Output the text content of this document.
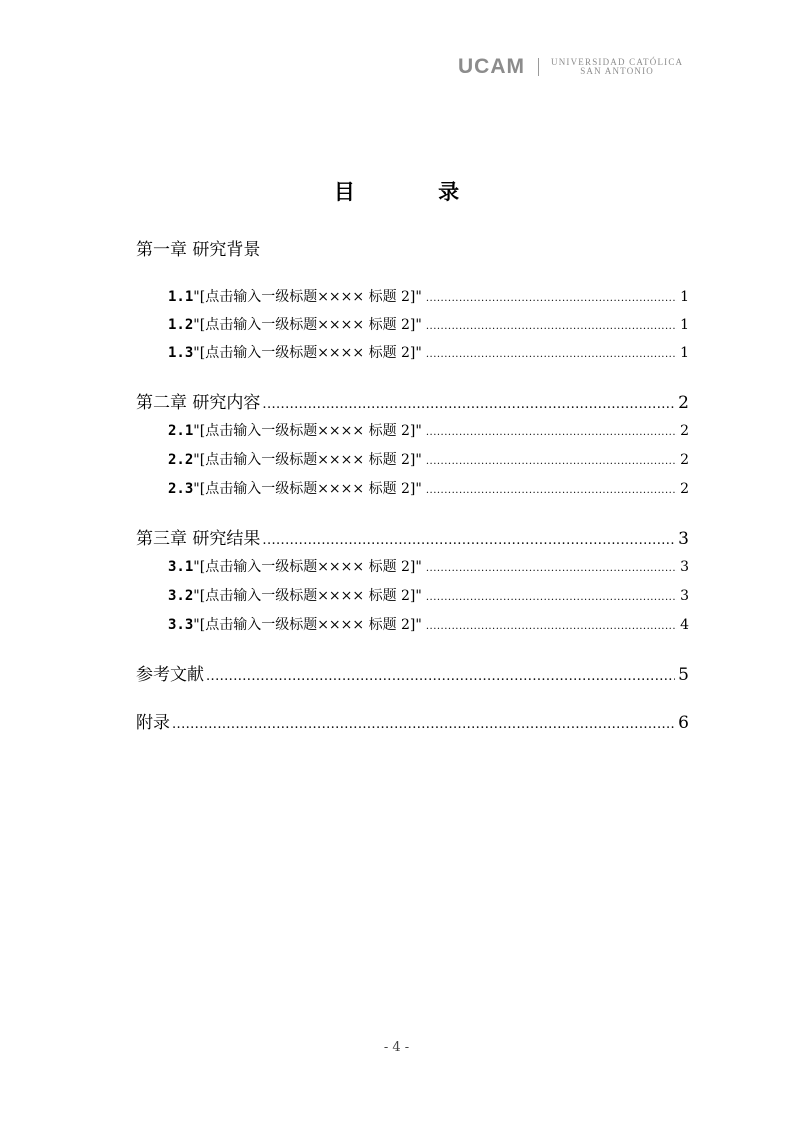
UCAM	UNIVERSIDAD CATÓLICA
SAN ANTONIO
目 录
第一章 研究背景
1.1 "[点击输入一级标题×××× 标题 2]" .....	1
1.2 "[点击输入一级标题×××× 标题 2]" .....	1
1.3 "[点击输入一级标题×××× 标题 2]" .....	1
第二章 研究内容 .....	2
2.1 "[点击输入一级标题×××× 标题 2]" .....	2
2.2 "[点击输入一级标题×××× 标题 2]" .....	2
2.3 "[点击输入一级标题×××× 标题 2]" .....	2
第三章 研究结果 .....	3
3.1 "[点击输入一级标题×××× 标题 2]" .....	3
3.2 "[点击输入一级标题×××× 标题 2]" .....	3
3.3 "[点击输入一级标题×××× 标题 2]" .....	4
参考文献 .....	5
附录 .....	6
- 4 -
